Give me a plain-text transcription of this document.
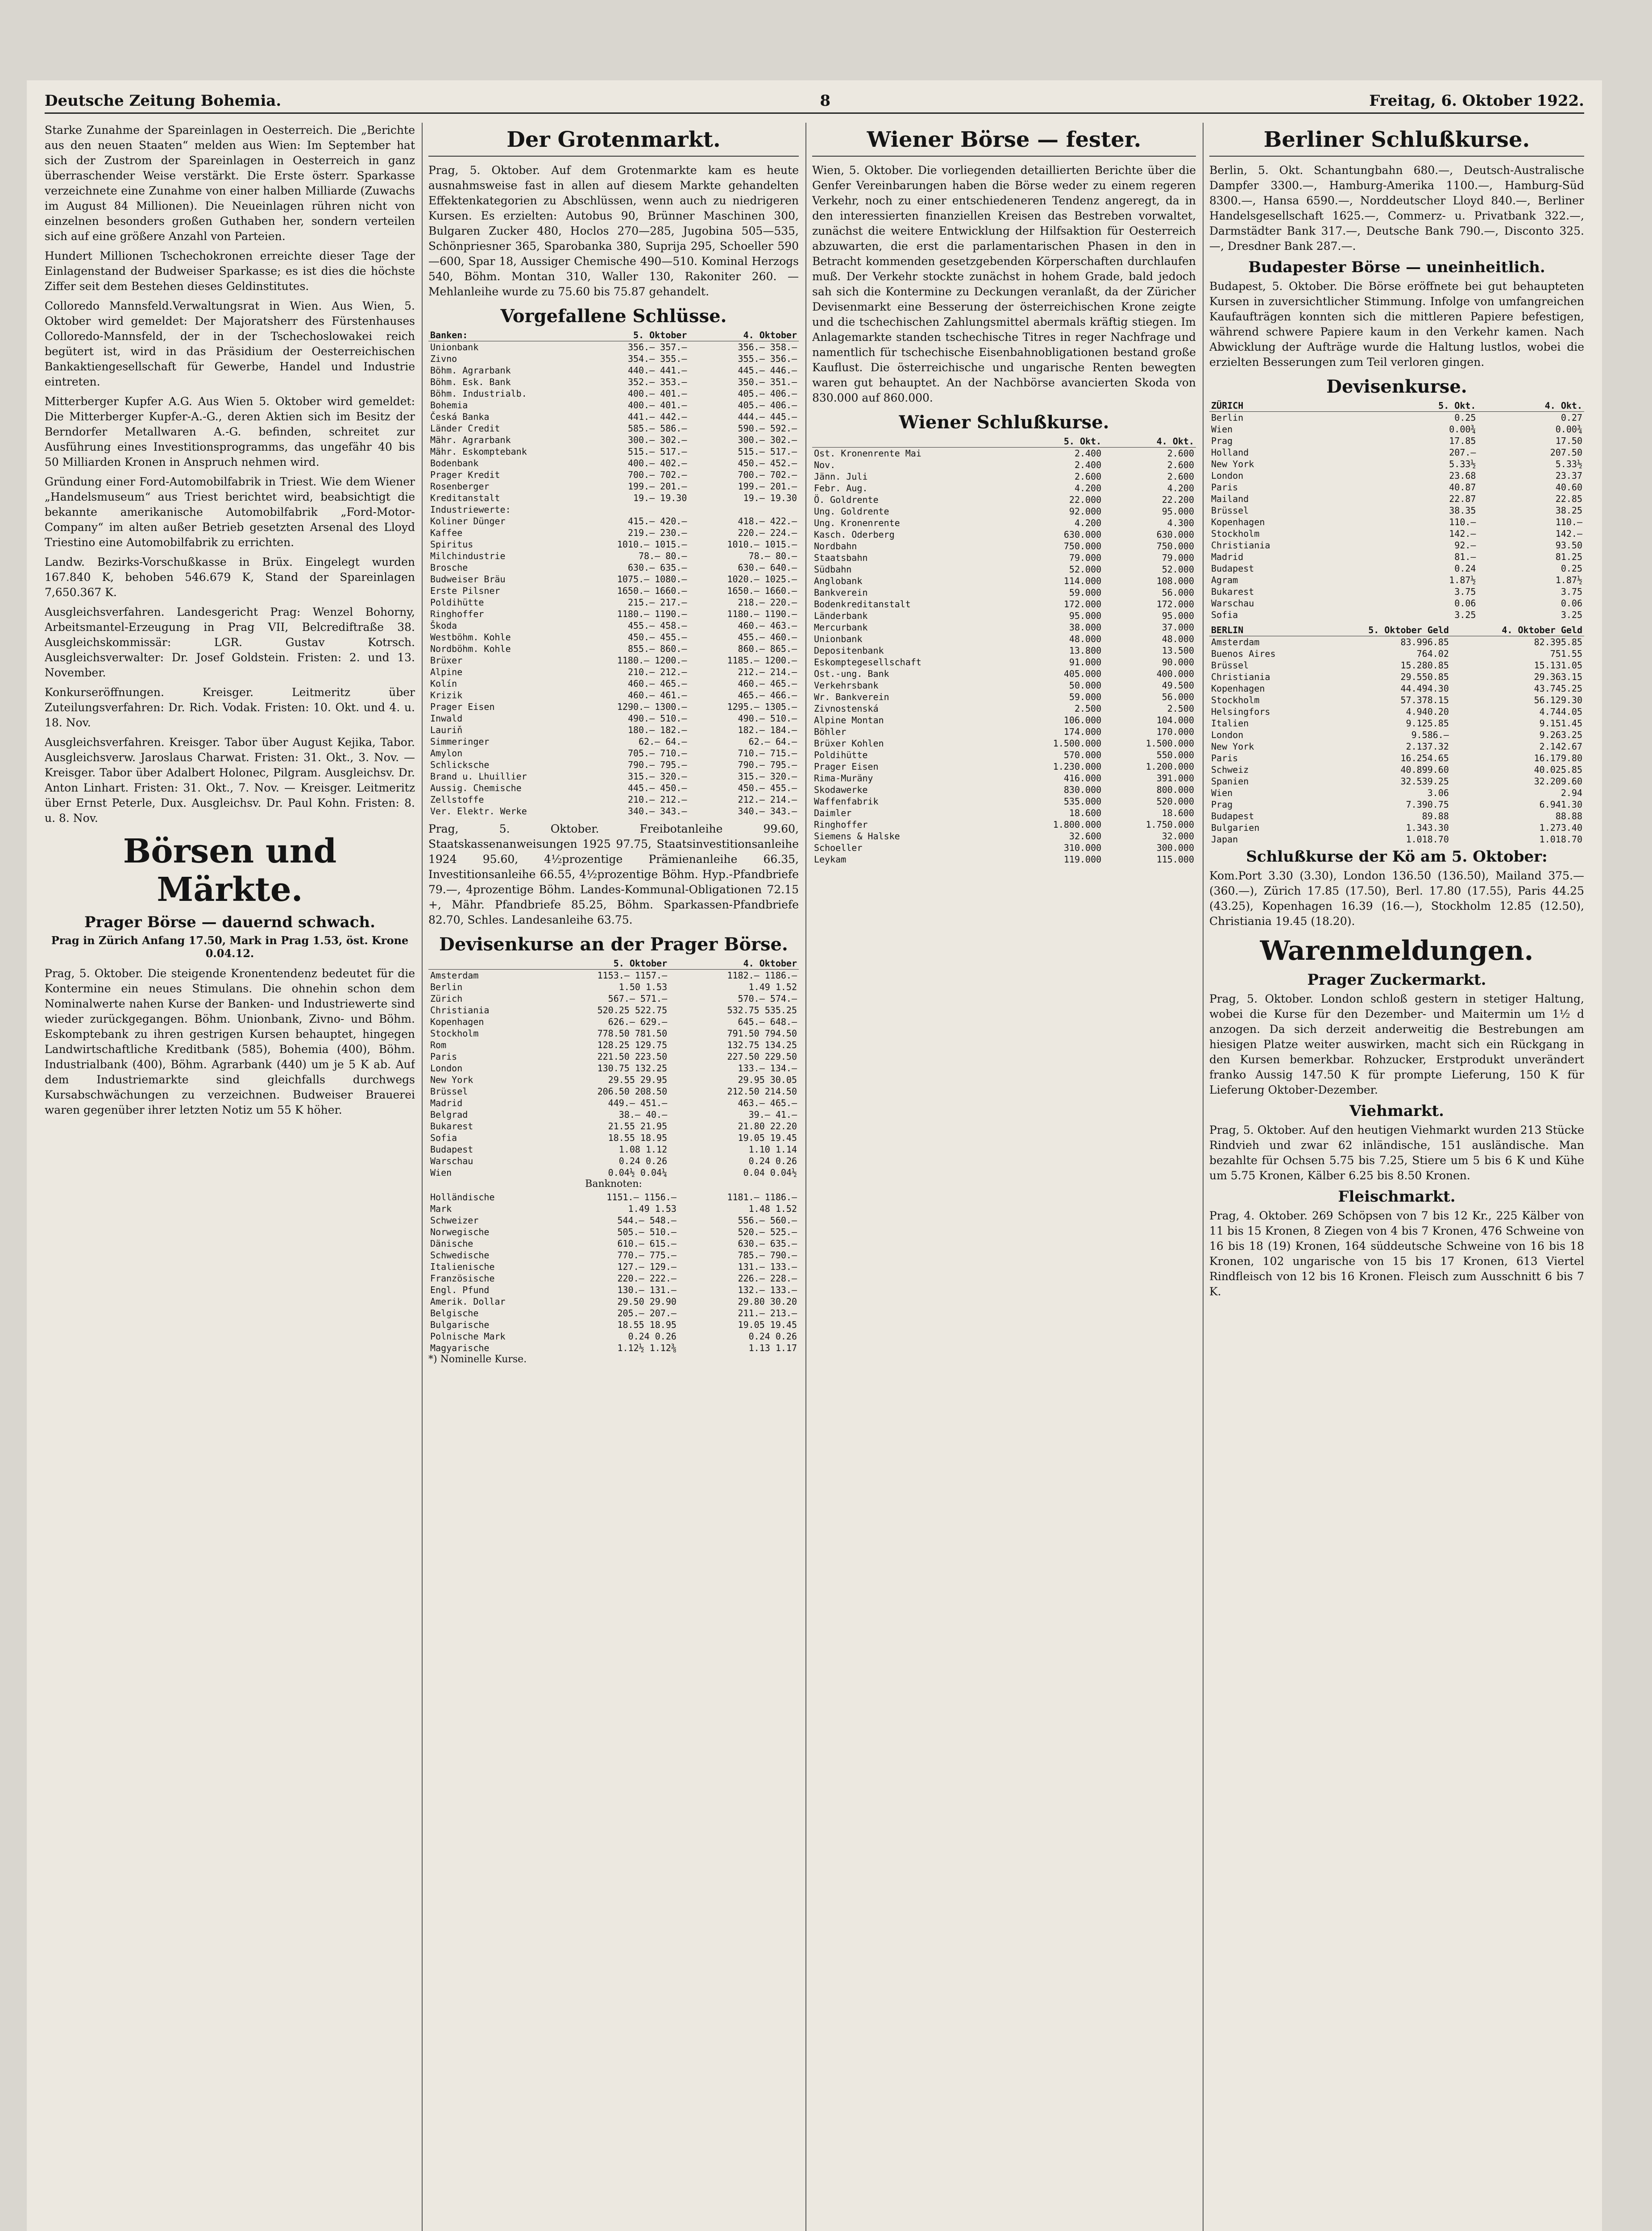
Deutsche Zeitung Bohemia.	8	Freitag, 6. Oktober 1922.

Starke Zunahme der Spareinlagen in Oesterreich. Die „Berichte aus den neuen Staaten“ melden aus Wien: Im September hat sich der Zustrom der Spareinlagen in Oesterreich in ganz überraschender Weise verstärkt. Die Erste österr. Sparkasse verzeichnete eine Zunahme von einer halben Milliarde (Zuwachs im August 84 Millionen). Die Neueinlagen rühren nicht von einzelnen besonders großen Guthaben her, sondern verteilen sich auf eine größere Anzahl von Parteien.

Hundert Millionen Tschechokronen erreichte dieser Tage der Einlagenstand der Budweiser Sparkasse; es ist dies die höchste Ziffer seit dem Bestehen dieses Geldinstitutes.

Colloredo Mannsfeld.Verwaltungsrat in Wien. Aus Wien, 5. Oktober wird gemeldet: Der Majoratsherr des Fürstenhauses Colloredo-Mannsfeld, der in der Tschechoslowakei reich begütert ist, wird in das Präsidium der Oesterreichischen Bankaktiengesellschaft für Gewerbe, Handel und Industrie eintreten.

Mitterberger Kupfer A.G. Aus Wien 5. Oktober wird gemeldet: Die Mitterberger Kupfer-A.-G., deren Aktien sich im Besitz der Berndorfer Metallwaren A.-G. befinden, schreitet zur Ausführung eines Investitionsprogramms, das ungefähr 40 bis 50 Milliarden Kronen in Anspruch nehmen wird.

Gründung einer Ford-Automobilfabrik in Triest. Wie dem Wiener „Handelsmuseum“ aus Triest berichtet wird, beabsichtigt die bekannte amerikanische Automobilfabrik „Ford-Motor-Company“ im alten außer Betrieb gesetzten Arsenal des Lloyd Triestino eine Automobilfabrik zu errichten.

Landw. Bezirks-Vorschußkasse in Brüx. Eingelegt wurden 167.840 K, behoben 546.679 K, Stand der Spareinlagen 7,650.367 K.

Ausgleichsverfahren. Landesgericht Prag: Wenzel Bohorny, Arbeitsmantel-Erzeugung in Prag VII, Belcrediftraße 38. Ausgleichskommissär: LGR. Gustav Kotrsch. Ausgleichsverwalter: Dr. Josef Goldstein. Fristen: 2. und 13. November.

Konkurseröffnungen. Kreisger. Leitmeritz über Zuteilungsverfahren: Dr. Rich. Vodak. Fristen: 10. Okt. und 4. u. 18. Nov.

Ausgleichsverfahren. Kreisger. Tabor über August Kejika, Tabor. Ausgleichsverw. Jaroslaus Charwat. Fristen: 31. Okt., 3. Nov. — Kreisger. Tabor über Adalbert Holonec, Pilgram. Ausgleichsv. Dr. Anton Linhart. Fristen: 31. Okt., 7. Nov. — Kreisger. Leitmeritz über Ernst Peterle, Dux. Ausgleichsv. Dr. Paul Kohn. Fristen: 8. u. 8. Nov.

Börsen und Märkte.
Prager Börse — dauernd schwach.
Prag in Zürich Anfang 17.50, Mark in Prag 1.53, öst. Krone 0.04.12.

Prag, 5. Oktober. Die steigende Kronentendenz bedeutet für die Konterminе ein neues Stimulans. Die ohnehin schon dem Nominalwerte nahen Kurse der Banken- und Industriewerte sind wieder zurückgegangen. Böhm. Unionbank, Zivno- und Böhm. Eskomptebank zu ihren gestrigen Kursen behauptet, hingegen Landwirtschaftliche Kreditbank (585), Bohemia (400), Böhm. Industrialbank (400), Böhm. Agrarbank (440) um je 5 K ab. Auf dem Industriemarkte sind gleichfalls durchwegs Kursabschwächungen zu verzeichnen. Budweiser Brauerei waren gegenüber ihrer letzten Notiz um 55 K höher.

Der Grotenmarkt.

Prag, 5. Oktober. Auf dem Grotenmarkte kam es heute ausnahmsweise fast in allen auf diesem Markte gehandelten Effektenkategorien zu Abschlüssen, wenn auch zu niedrigeren Kursen. Es erzielten: Autobus 90, Brünner Maschinen 300, Bulgaren Zucker 480, Hoclos 270—285, Jugobina 505—535, Schönpriesner 365, Sparobanka 380, Suprija 295, Schoeller 590—600, Spar 18, Aussiger Chemische 490—510. Kominal Herzogs 540, Böhm. Montan 310, Waller 130, Rakoniter 260. — Mehlanleihe wurde zu 75.60 bis 75.87 gehandelt.

Vorgefallene Schlüsse.
Banken:	5. Oktober	4. Oktober
Unionbank	356.— 357.—	356.— 358.—
Zivno	354.— 355.—	355.— 356.—
Böhm. Agrarbank	440.— 441.—	445.— 446.—
Böhm. Esk. Bank	352.— 353.—	350.— 351.—
Böhm. Industrialb.	400.— 401.—	405.— 406.—
Bohemia	400.— 401.—	405.— 406.—
Česká Banka	441.— 442.—	444.— 445.—
Länder Credit	585.— 586.—	590.— 592.—
Mähr. Agrarbank	300.— 302.—	300.— 302.—
Mähr. Eskomptebank	515.— 517.—	515.— 517.—
Bodenbank	400.— 402.—	450.— 452.—
Prager Kredit	700.— 702.—	700.— 702.—
Rosenberger	199.— 201.—	199.— 201.—
Kreditanstalt	19.— 19.30	19.— 19.30
Industriewerte:		
Koliner Dünger	415.— 420.—	418.— 422.—
Kaffee	219.— 230.—	220.— 224.—
Spiritus	1010.— 1015.—	1010.— 1015.—
Milchindustrie	78.— 80.—	78.— 80.—
Brosche	630.— 635.—	630.— 640.—
Budweiser Bräu	1075.— 1080.—	1020.— 1025.—
Erste Pilsner	1650.— 1660.—	1650.— 1660.—
Poldihütte	215.— 217.—	218.— 220.—
Ringhoffer	1180.— 1190.—	1180.— 1190.—
Škoda	455.— 458.—	460.— 463.—
Westböhm. Kohle	450.— 455.—	455.— 460.—
Nordböhm. Kohle	855.— 860.—	860.— 865.—
Brüxer	1180.— 1200.—	1185.— 1200.—
Alpine	210.— 212.—	212.— 214.—
Kolín	460.— 465.—	460.— 465.—
Krizik	460.— 461.—	465.— 466.—
Prager Eisen	1290.— 1300.—	1295.— 1305.—
Inwald	490.— 510.—	490.— 510.—
Lauriň	180.— 182.—	182.— 184.—
Simmeringer	62.— 64.—	62.— 64.—
Amylon	705.— 710.—	710.— 715.—
Schlicksche	790.— 795.—	790.— 795.—
Brand u. Lhuillier	315.— 320.—	315.— 320.—
Aussig. Chemische	445.— 450.—	450.— 455.—
Zellstoffe	210.— 212.—	212.— 214.—
Ver. Elektr. Werke	340.— 343.—	340.— 343.—

Prag, 5. Oktober. Freibotanleihe 99.60, Staatskassenanweisungen 1925 97.75, Staatsinvestitionsanleihe 1924 95.60, 4½prozentige Prämienanleihe 66.35, Investitionsanleihe 66.55, 4½prozentige Böhm. Hyp.-Pfandbriefe 79.—, 4prozentige Böhm. Landes-Kommunal-Obligationen 72.15 +, Mähr. Pfandbriefe 85.25, Böhm. Sparkassen-Pfandbriefe 82.70, Schles. Landesanleihe 63.75.

Devisenkurse an der Prager Börse.
	5. Oktober	4. Oktober
Amsterdam	1153.— 1157.—	1182.— 1186.—
Berlin	1.50 1.53	1.49 1.52
Zürich	567.— 571.—	570.— 574.—
Christiania	520.25 522.75	532.75 535.25
Kopenhagen	626.— 629.—	645.— 648.—
Stockholm	778.50 781.50	791.50 794.50
Rom	128.25 129.75	132.75 134.25
Paris	221.50 223.50	227.50 229.50
London	130.75 132.25	133.— 134.—
New York	29.55 29.95	29.95 30.05
Brüssel	206.50 208.50	212.50 214.50
Madrid	449.— 451.—	463.— 465.—
Belgrad	38.— 40.—	39.— 41.—
Bukarest	21.55 21.95	21.80 22.20
Sofia	18.55 18.95	19.05 19.45
Budapest	1.08 1.12	1.10 1.14
Warschau	0.24 0.26	0.24 0.26
Wien	0.04½ 0.04¼	0.04 0.04½
Banknoten:
Holländische	1151.— 1156.—	1181.— 1186.—
Mark	1.49 1.53	1.48 1.52
Schweizer	544.— 548.—	556.— 560.—
Norwegische	505.— 510.—	520.— 525.—
Dänische	610.— 615.—	630.— 635.—
Schwedische	770.— 775.—	785.— 790.—
Italienische	127.— 129.—	131.— 133.—
Französische	220.— 222.—	226.— 228.—
Engl. Pfund	130.— 131.—	132.— 133.—
Amerik. Dollar	29.50 29.90	29.80 30.20
Belgische	205.— 207.—	211.— 213.—
Bulgarische	18.55 18.95	19.05 19.45
Polnische Mark	0.24 0.26	0.24 0.26
Magyarische	1.12½ 1.12⅜	1.13 1.17
*) Nominelle Kurse.
Wiener Börse — fester.

Wien, 5. Oktober. Die vorliegenden detaillierten Berichte über die Genfer Vereinbarungen haben die Börse weder zu einem regeren Verkehr, noch zu einer entschiedeneren Tendenz angeregt, da in den interessierten finanziellen Kreisen das Bestreben vorwaltet, zunächst die weitere Entwicklung der Hilfsaktion für Oesterreich abzuwarten, die erst die parlamentarischen Phasen in den in Betracht kommenden gesetzgebenden Körperschaften durchlaufen muß. Der Verkehr stockte zunächst in hohem Grade, bald jedoch sah sich die Kontermine zu Deckungen veranlaßt, da der Züricher Devisenmarkt eine Besserung der österreichischen Krone zeigte und die tschechischen Zahlungsmittel abermals kräftig stiegen. Im Anlagemarkte standen tschechische Titres in reger Nachfrage und namentlich für tschechische Eisenbahnobligationen bestand große Kauflust. Die österreichische und ungarische Renten bewegten waren gut behauptet. An der Nachbörse avancierten Skoda von 830.000 auf 860.000.

Wiener Schlußkurse.
	5. Okt.	4. Okt.
Ost. Kronenrente Mai	2.400	2.600
Nov.	2.400	2.600
Jänn. Juli	2.600	2.600
Febr. Aug.	4.200	4.200
Ö. Goldrente	22.000	22.200
Ung. Goldrente	92.000	95.000
Ung. Kronenrente	4.200	4.300
Kasch. Oderberg	630.000	630.000
Nordbahn	750.000	750.000
Staatsbahn	79.000	79.000
Südbahn	52.000	52.000
Anglobank	114.000	108.000
Bankverein	59.000	56.000
Bodenkreditanstalt	172.000	172.000
Länderbank	95.000	95.000
Mercurbank	38.000	37.000
Unionbank	48.000	48.000
Depositenbank	13.800	13.500
Eskomptegesellschaft	91.000	90.000
Ost.-ung. Bank	405.000	400.000
Verkehrsbank	50.000	49.500
Wr. Bankverein	59.000	56.000
Zivnostenská	2.500	2.500
Alpine Montan	106.000	104.000
Böhler	174.000	170.000
Brüxer Kohlen	1.500.000	1.500.000
Poldihütte	570.000	550.000
Prager Eisen	1.230.000	1.200.000
Rima-Muräny	416.000	391.000
Skodawerke	830.000	800.000
Waffenfabrik	535.000	520.000
Daimler	18.600	18.600
Ringhoffer	1.800.000	1.750.000
Siemens & Halske	32.600	32.000
Schoeller	310.000	300.000
Leykam	119.000	115.000
Berliner Schlußkurse.

Berlin, 5. Okt. Schantungbahn 680.—, Deutsch-Australische Dampfer 3300.—, Hamburg-Amerika 1100.—, Hamburg-Süd 8300.—, Hansa 6590.—, Norddeutscher Lloyd 840.—, Berliner Handelsgesellschaft 1625.—, Commerz- u. Privatbank 322.—, Darmstädter Bank 317.—, Deutsche Bank 790.—, Disconto 325.—, Dresdner Bank 287.—.

Budapester Börse — uneinheitlich.

Budapest, 5. Oktober. Die Börse eröffnete bei gut behaupteten Kursen in zuversichtlicher Stimmung. Infolge von umfangreichen Kaufaufträgen konnten sich die mittleren Papiere befestigen, während schwere Papiere kaum in den Verkehr kamen. Nach Abwicklung der Aufträge wurde die Haltung lustlos, wobei die erzielten Besserungen zum Teil verloren gingen.

Devisenkurse.
ZÜRICH	5. Okt.	4. Okt.
Berlin	0.25	0.27
Wien	0.00¾	0.00¾
Prag	17.85	17.50
Holland	207.—	207.50
New York	5.33½	5.33½
London	23.68	23.37
Paris	40.87	40.60
Mailand	22.87	22.85
Brüssel	38.35	38.25
Kopenhagen	110.—	110.—
Stockholm	142.—	142.—
Christiania	92.—	93.50
Madrid	81.—	81.25
Budapest	0.24	0.25
Agram	1.87½	1.87½
Bukarest	3.75	3.75
Warschau	0.06	0.06
Sofia	3.25	3.25
BERLIN	5. Oktober Geld	4. Oktober Geld
Amsterdam	83.996.85	82.395.85
Buenos Aires	764.02	751.55
Brüssel	15.280.85	15.131.05
Christiania	29.550.85	29.363.15
Kopenhagen	44.494.30	43.745.25
Stockholm	57.378.15	56.129.30
Helsingfors	4.940.20	4.744.05
Italien	9.125.85	9.151.45
London	9.586.—	9.263.25
New York	2.137.32	2.142.67
Paris	16.254.65	16.179.80
Schweiz	40.899.60	40.025.85
Spanien	32.539.25	32.209.60
Wien	3.06	2.94
Prag	7.390.75	6.941.30
Budapest	89.88	88.88
Bulgarien	1.343.30	1.273.40
Japan	1.018.70	1.018.70
Schlußkurse der Kö am 5. Oktober:

Kom.Port 3.30 (3.30), London 136.50 (136.50), Mailand 375.— (360.—), Zürich 17.85 (17.50), Berl. 17.80 (17.55), Paris 44.25 (43.25), Kopenhagen 16.39 (16.—), Stockholm 12.85 (12.50), Christiania 19.45 (18.20).

Warenmeldungen.
Prager Zuckermarkt.

Prag, 5. Oktober. London schloß gestern in stetiger Haltung, wobei die Kurse für den Dezember- und Maitermin um 1½ d anzogen. Da sich derzeit anderweitig die Bestrebungen am hiesigen Platze weiter auswirken, macht sich ein Rückgang in den Kursen bemerkbar. Rohzucker, Erstprodukt unverändert franko Aussig 147.50 K für prompte Lieferung, 150 K für Lieferung Oktober-Dezember.

Viehmarkt.

Prag, 5. Oktober. Auf den heutigen Viehmarkt wurden 213 Stücke Rindvieh und zwar 62 inländische, 151 ausländische. Man bezahlte für Ochsen 5.75 bis 7.25, Stiere um 5 bis 6 K und Kühe um 5.75 Kronen, Kälber 6.25 bis 8.50 Kronen.

Fleischmarkt.

Prag, 4. Oktober. 269 Schöpsen von 7 bis 12 Kr., 225 Kälber von 11 bis 15 Kronen, 8 Ziegen von 4 bis 7 Kronen, 476 Schweine von 16 bis 18 (19) Kronen, 164 süddeutsche Schweine von 16 bis 18 Kronen, 102 ungarische von 15 bis 17 Kronen, 613 Viertel Rindfleisch von 12 bis 16 Kronen. Fleisch zum Ausschnitt 6 bis 7 K.
